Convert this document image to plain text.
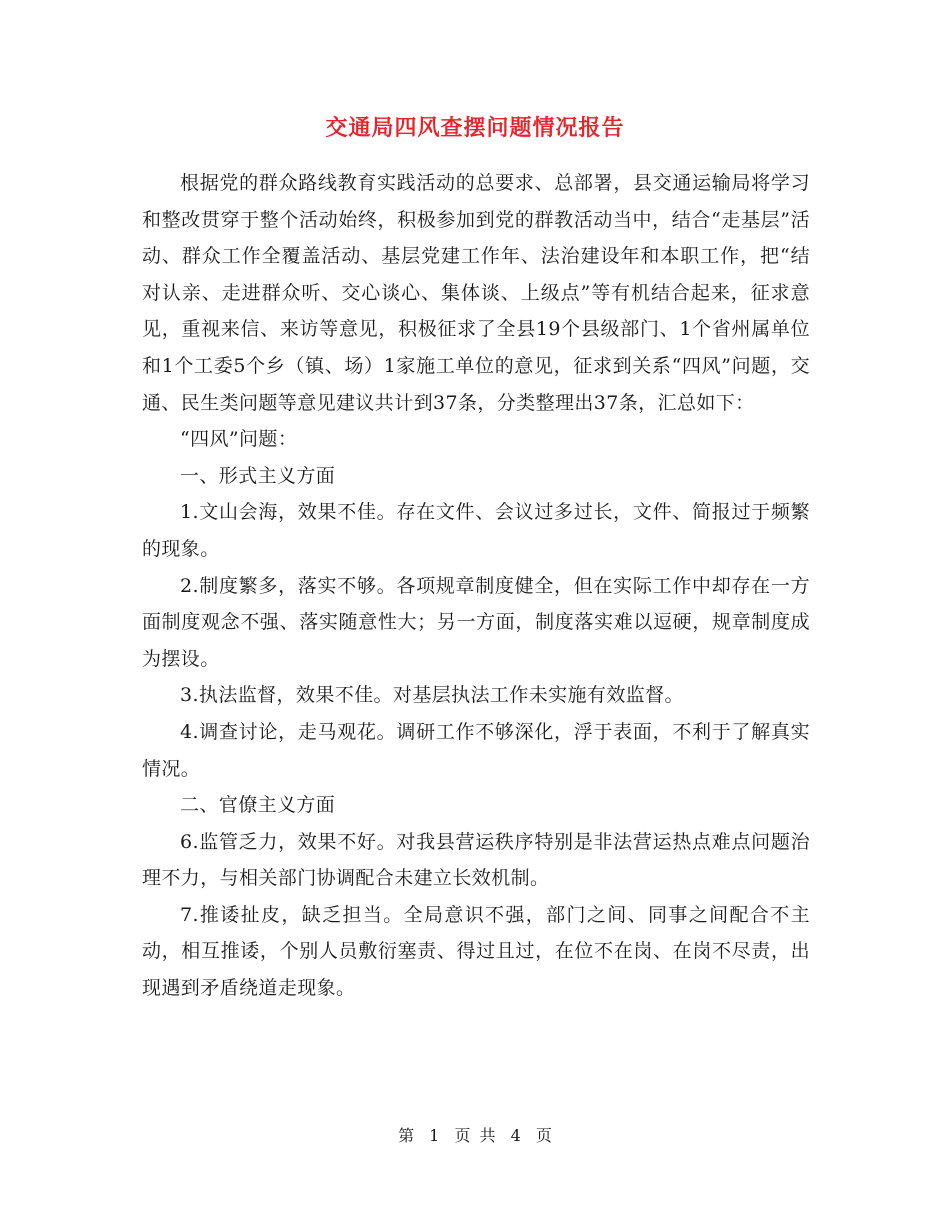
交通局四风查摆问题情况报告

根据党的群众路线教育实践活动的总要求、总部署，县交通运输局将学习和整改贯穿于整个活动始终，积极参加到党的群教活动当中，结合“走基层”活动、群众工作全覆盖活动、基层党建工作年、法治建设年和本职工作，把“结对认亲、走进群众听、交心谈心、集体谈、上级点”等有机结合起来，征求意见，重视来信、来访等意见，积极征求了全县19个县级部门、1个省州属单位和1个工委5个乡（镇、场）1家施工单位的意见，征求到关系“四风”问题，交通、民生类问题等意见建议共计到37条，分类整理出37条，汇总如下：

“四风”问题：

一、形式主义方面

1.文山会海，效果不佳。存在文件、会议过多过长，文件、简报过于频繁的现象。

2.制度繁多，落实不够。各项规章制度健全，但在实际工作中却存在一方面制度观念不强、落实随意性大；另一方面，制度落实难以逗硬，规章制度成为摆设。

3.执法监督，效果不佳。对基层执法工作未实施有效监督。

4.调查讨论，走马观花。调研工作不够深化，浮于表面，不利于了解真实情况。

二、官僚主义方面

6.监管乏力，效果不好。对我县营运秩序特别是非法营运热点难点问题治理不力，与相关部门协调配合未建立长效机制。

7.推诿扯皮，缺乏担当。全局意识不强，部门之间、同事之间配合不主动，相互推诿，个别人员敷衍塞责、得过且过，在位不在岗、在岗不尽责，出现遇到矛盾绕道走现象。

第 1 页 共 4 页
